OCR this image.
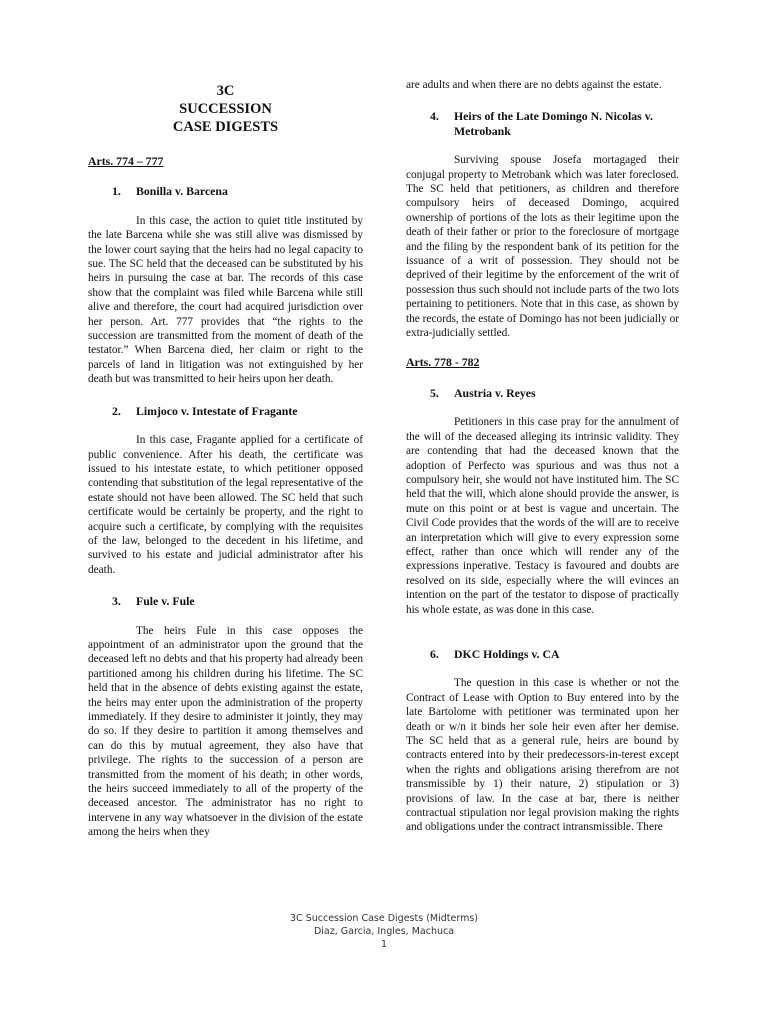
3C
SUCCESSION
CASE DIGESTS
Arts. 774 – 777
1.	Bonilla v. Barcena

In this case, the action to quiet title instituted by the late Barcena while she was still alive was dismissed by the lower court saying that the heirs had no legal capacity to sue. The SC held that the deceased can be substituted by his heirs in pursuing the case at bar. The records of this case show that the complaint was filed while Barcena while still alive and therefore, the court had acquired jurisdiction over her person. Art. 777 provides that “the rights to the succession are transmitted from the moment of death of the testator.” When Barcena died, her claim or right to the parcels of land in litigation was not extinguished by her death but was transmitted to heir heirs upon her death.

2.	Limjoco v. Intestate of Fragante

In this case, Fragante applied for a certificate of public convenience. After his death, the certificate was issued to his intestate estate, to which petitioner opposed contending that substitution of the legal representative of the estate should not have been allowed. The SC held that such certificate would be certainly be property, and the right to acquire such a certificate, by complying with the requisites of the law, belonged to the decedent in his lifetime, and survived to his estate and judicial administrator after his death.

3.	Fule v. Fule

The heirs Fule in this case opposes the appointment of an administrator upon the ground that the deceased left no debts and that his property had already been partitioned among his children during his lifetime. The SC held that in the absence of debts existing against the estate, the heirs may enter upon the administration of the property immediately. If they desire to administer it jointly, they may do so. If they desire to partition it among themselves and can do this by mutual agreement, they also have that privilege. The rights to the succession of a person are transmitted from the moment of his death; in other words, the heirs succeed immediately to all of the property of the deceased ancestor. The administrator has no right to intervene in any way whatsoever in the division of the estate among the heirs when they

are adults and when there are no debts against the estate.

4.	Heirs of the Late Domingo N. Nicolas v. Metrobank

Surviving spouse Josefa mortagaged their conjugal property to Metrobank which was later foreclosed. The SC held that petitioners, as children and therefore compulsory heirs of deceased Domingo, acquired ownership of portions of the lots as their legitime upon the death of their father or prior to the foreclosure of mortgage and the filing by the respondent bank of its petition for the issuance of a writ of possession. They should not be deprived of their legitime by the enforcement of the writ of possession thus such should not include parts of the two lots pertaining to petitioners. Note that in this case, as shown by the records, the estate of Domingo has not been judicially or extra-judicially settled.

Arts. 778 - 782
5.	Austria v. Reyes

Petitioners in this case pray for the annulment of the will of the deceased alleging its intrinsic validity. They are contending that had the deceased known that the adoption of Perfecto was spurious and was thus not a compulsory heir, she would not have instituted him. The SC held that the will, which alone should provide the answer, is mute on this point or at best is vague and uncertain. The Civil Code provides that the words of the will are to receive an interpretation which will give to every expression some effect, rather than once which will render any of the expressions inperative. Testacy is favoured and doubts are resolved on its side, especially where the will evinces an intention on the part of the testator to dispose of practically his whole estate, as was done in this case.

6.	DKC Holdings v. CA

The question in this case is whether or not the Contract of Lease with Option to Buy entered into by the late Bartolome with petitioner was terminated upon her death or w/n it binds her sole heir even after her demise. The SC held that as a general rule, heirs are bound by contracts entered into by their predecessors-in-terest except when the rights and obligations arising therefrom are not transmissible by 1) their nature, 2) stipulation or 3) provisions of law. In the case at bar, there is neither contractual stipulation nor legal provision making the rights and obligations under the contract intransmissible. There

3C Succession Case Digests (Midterms)
Diaz, Garcia, Ingles, Machuca
1
